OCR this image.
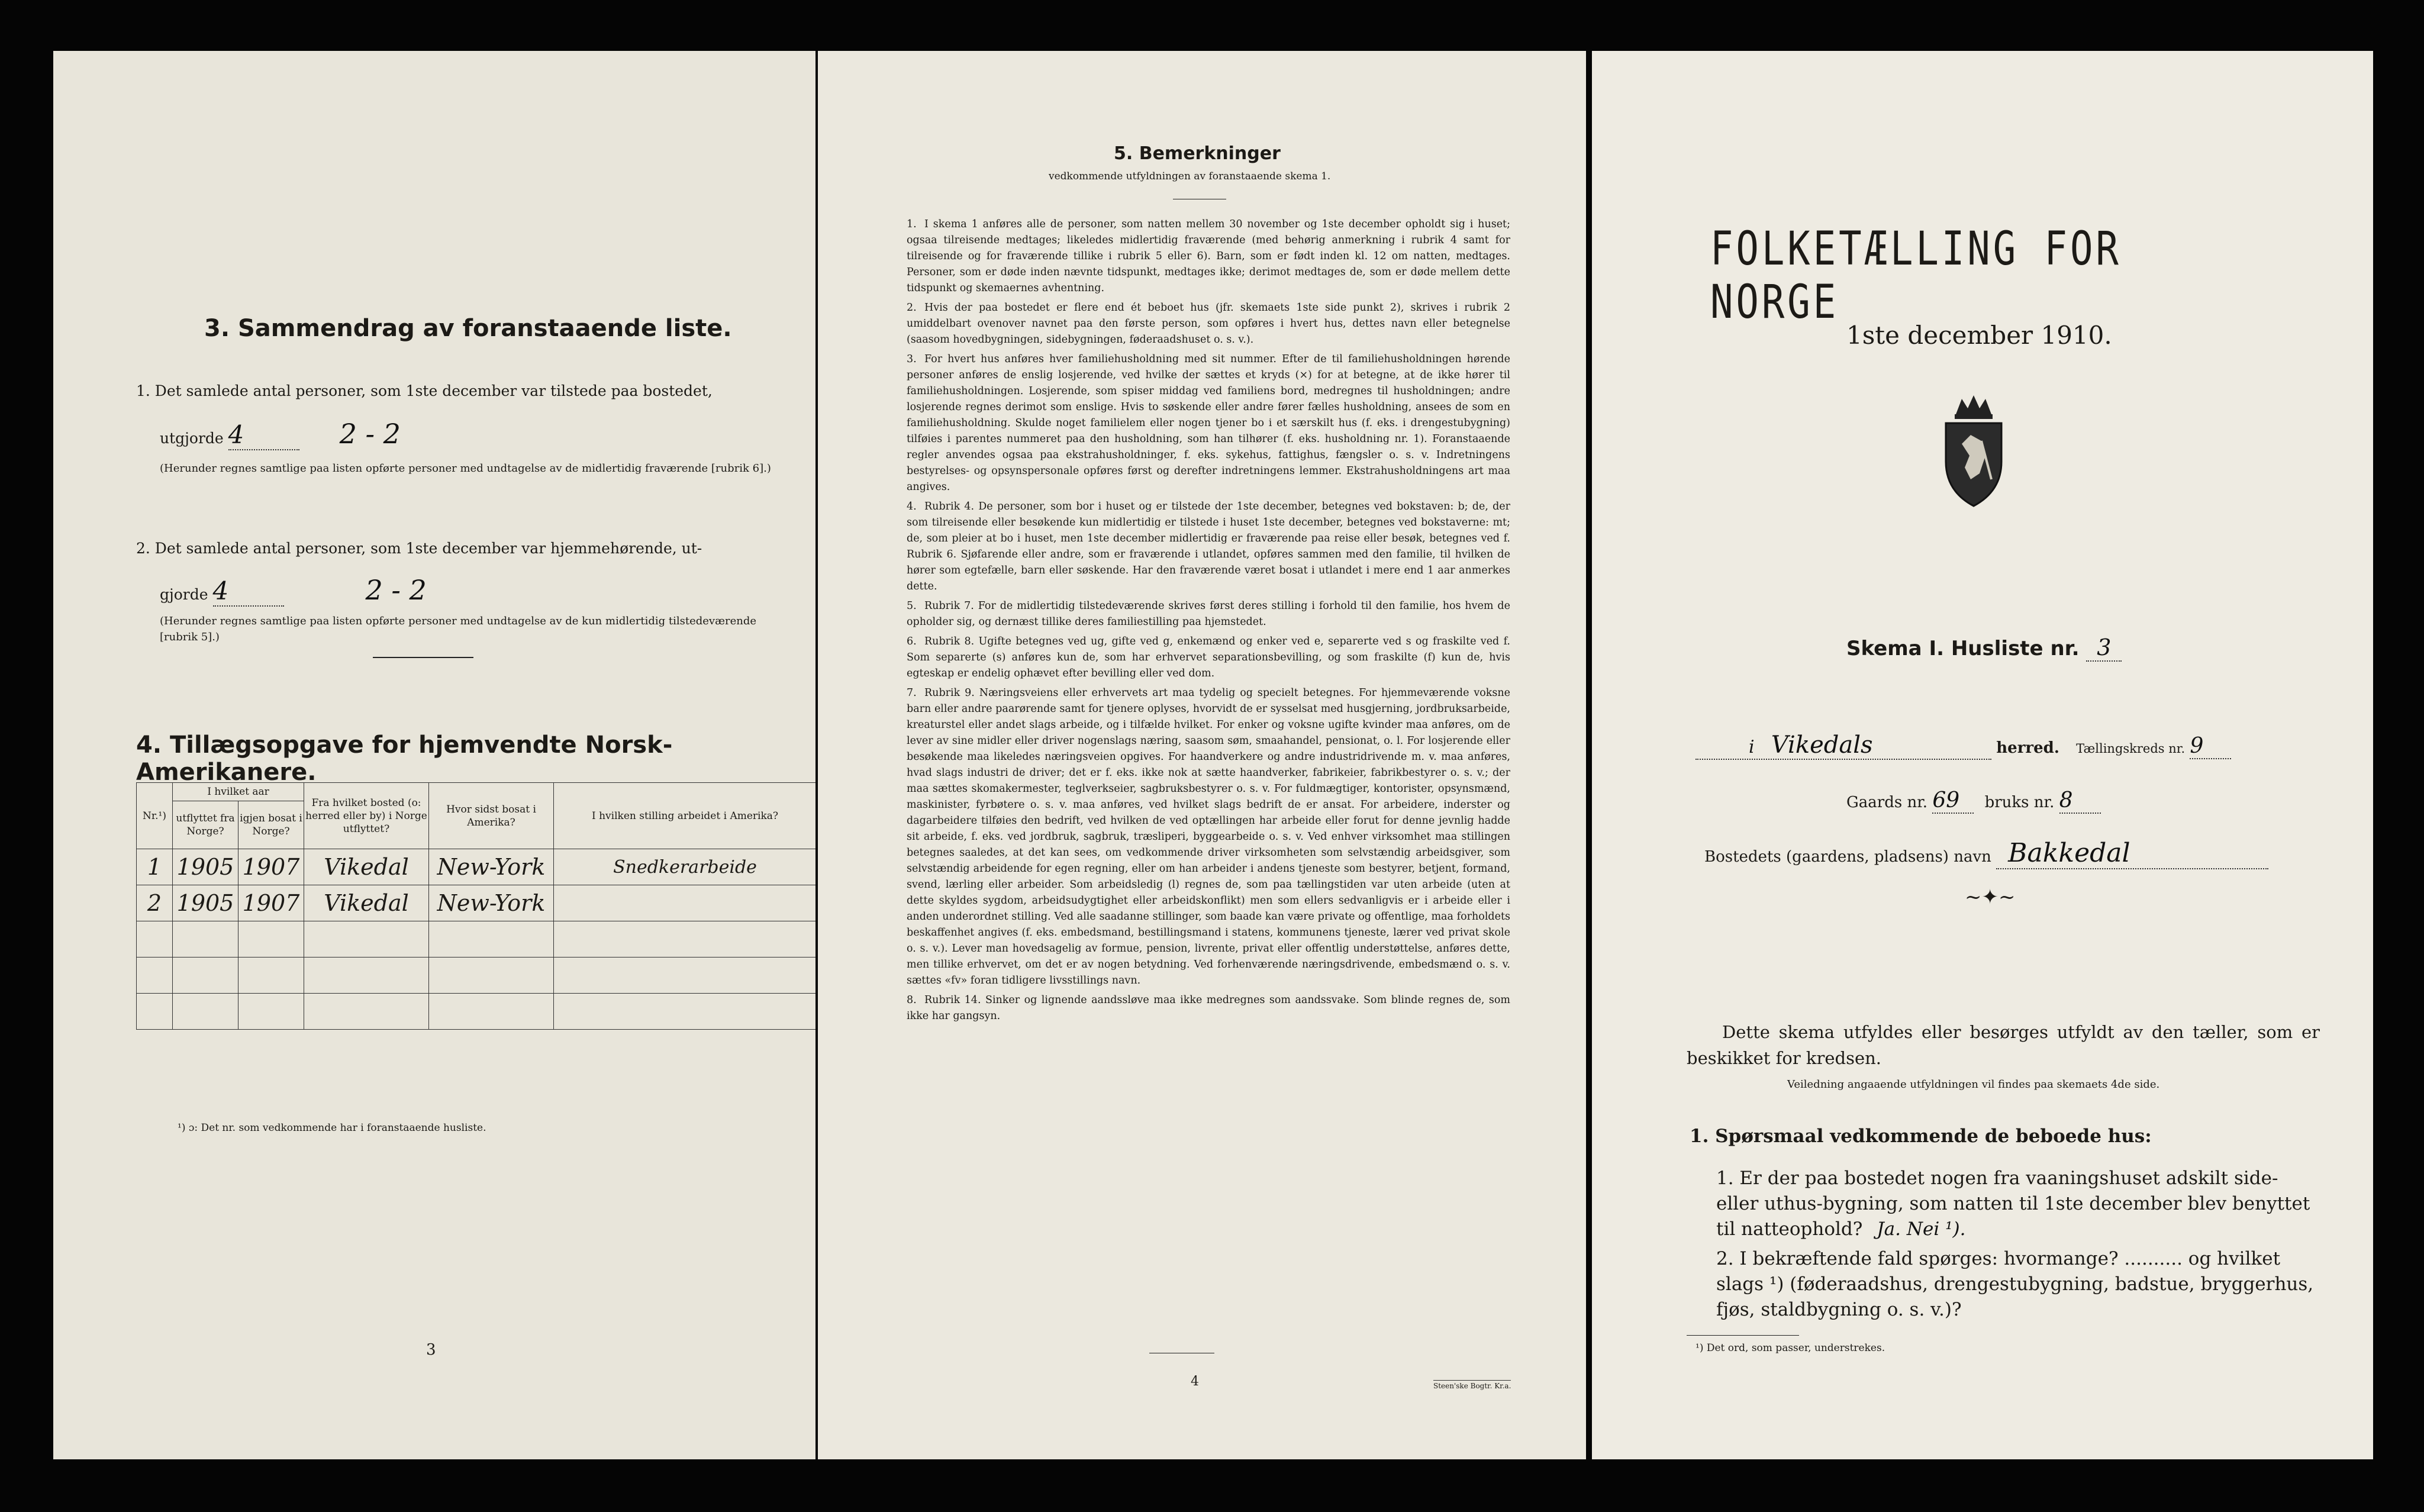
3. Sammendrag av foranstaaende liste.
1. Det samlede antal personer, som 1ste december var tilstede paa bostedet,
utgjorde 4	2 - 2
(Herunder regnes samtlige paa listen opførte personer med undtagelse av de midlertidig fraværende [rubrik 6].)
2. Det samlede antal personer, som 1ste december var hjemmehørende, ut-
gjorde 4	2 - 2
(Herunder regnes samtlige paa listen opførte personer med undtagelse av de kun midlertidig tilstedeværende [rubrik 5].)
4. Tillægsopgave for hjemvendte Norsk-Amerikanere.
Nr.¹)	I hvilket aar		Fra hvilket bosted (o: herred eller by) i Norge utflyttet?	Hvor sidst bosat i Amerika?	I hvilken stilling arbeidet i Amerika?
	utflyttet fra Norge?	igjen bosat i Norge?			
1	1905	1907	Vikedal	New-York	Snedkerarbeide
2	1905	1907	Vikedal	New-York	

¹) ɔ: Det nr. som vedkommende har i foranstaaende husliste.
3
5. Bemerkninger
vedkommende utfyldningen av foranstaaende skema 1.

1. I skema 1 anføres alle de personer, som natten mellem 30 november og 1ste december opholdt sig i huset; ogsaa tilreisende medtages; likeledes midlertidig fraværende (med behørig anmerkning i rubrik 4 samt for tilreisende og for fraværende tillike i rubrik 5 eller 6). Barn, som er født inden kl. 12 om natten, medtages. Personer, som er døde inden nævnte tidspunkt, medtages ikke; derimot medtages de, som er døde mellem dette tidspunkt og skemaernes avhentning.

2. Hvis der paa bostedet er flere end ét beboet hus (jfr. skemaets 1ste side punkt 2), skrives i rubrik 2 umiddelbart ovenover navnet paa den første person, som opføres i hvert hus, dettes navn eller betegnelse (saasom hovedbygningen, sidebygningen, føderaadshuset o. s. v.).

3. For hvert hus anføres hver familiehusholdning med sit nummer. Efter de til familiehusholdningen hørende personer anføres de enslig losjerende, ved hvilke der sættes et kryds (×) for at betegne, at de ikke hører til familiehusholdningen. Losjerende, som spiser middag ved familiens bord, medregnes til husholdningen; andre losjerende regnes derimot som enslige. Hvis to søskende eller andre fører fælles husholdning, ansees de som en familiehusholdning. Skulde noget familielem eller nogen tjener bo i et særskilt hus (f. eks. i drengestubygning) tilføies i parentes nummeret paa den husholdning, som han tilhører (f. eks. husholdning nr. 1). Foranstaaende regler anvendes ogsaa paa ekstrahusholdninger, f. eks. sykehus, fattighus, fængsler o. s. v. Indretningens bestyrelses- og opsynspersonale opføres først og derefter indretningens lemmer. Ekstrahusholdningens art maa angives.

4. Rubrik 4. De personer, som bor i huset og er tilstede der 1ste december, betegnes ved bokstaven: b; de, der som tilreisende eller besøkende kun midlertidig er tilstede i huset 1ste december, betegnes ved bokstaverne: mt; de, som pleier at bo i huset, men 1ste december midlertidig er fraværende paa reise eller besøk, betegnes ved f. Rubrik 6. Sjøfarende eller andre, som er fraværende i utlandet, opføres sammen med den familie, til hvilken de hører som egtefælle, barn eller søskende. Har den fraværende været bosat i utlandet i mere end 1 aar anmerkes dette.

5. Rubrik 7. For de midlertidig tilstedeværende skrives først deres stilling i forhold til den familie, hos hvem de opholder sig, og dernæst tillike deres familiestilling paa hjemstedet.

6. Rubrik 8. Ugifte betegnes ved ug, gifte ved g, enkemænd og enker ved e, separerte ved s og fraskilte ved f. Som separerte (s) anføres kun de, som har erhvervet separationsbevilling, og som fraskilte (f) kun de, hvis egteskap er endelig ophævet efter bevilling eller ved dom.

7. Rubrik 9. Næringsveiens eller erhvervets art maa tydelig og specielt betegnes. For hjemmeværende voksne barn eller andre paarørende samt for tjenere oplyses, hvorvidt de er sysselsat med husgjerning, jordbruksarbeide, kreaturstel eller andet slags arbeide, og i tilfælde hvilket. For enker og voksne ugifte kvinder maa anføres, om de lever av sine midler eller driver nogenslags næring, saasom søm, smaahandel, pensionat, o. l. For losjerende eller besøkende maa likeledes næringsveien opgives. For haandverkere og andre industridrivende m. v. maa anføres, hvad slags industri de driver; det er f. eks. ikke nok at sætte haandverker, fabrikeier, fabrikbestyrer o. s. v.; der maa sættes skomakermester, teglverkseier, sagbruksbestyrer o. s. v. For fuldmægtiger, kontorister, opsynsmænd, maskinister, fyrbøtere o. s. v. maa anføres, ved hvilket slags bedrift de er ansat. For arbeidere, inderster og dagarbeidere tilføies den bedrift, ved hvilken de ved optællingen har arbeide eller forut for denne jevnlig hadde sit arbeide, f. eks. ved jordbruk, sagbruk, træsliperi, byggearbeide o. s. v. Ved enhver virksomhet maa stillingen betegnes saaledes, at det kan sees, om vedkommende driver virksomheten som selvstændig arbeidsgiver, som selvstændig arbeidende for egen regning, eller om han arbeider i andens tjeneste som bestyrer, betjent, formand, svend, lærling eller arbeider. Som arbeidsledig (l) regnes de, som paa tællingstiden var uten arbeide (uten at dette skyldes sygdom, arbeidsudygtighet eller arbeidskonflikt) men som ellers sedvanligvis er i arbeide eller i anden underordnet stilling. Ved alle saadanne stillinger, som baade kan være private og offentlige, maa forholdets beskaffenhet angives (f. eks. embedsmand, bestillingsmand i statens, kommunens tjeneste, lærer ved privat skole o. s. v.). Lever man hovedsagelig av formue, pension, livrente, privat eller offentlig understøttelse, anføres dette, men tillike erhvervet, om det er av nogen betydning. Ved forhenværende næringsdrivende, embedsmænd o. s. v. sættes «fv» foran tidligere livsstillings navn.

8. Rubrik 14. Sinker og lignende aandssløve maa ikke medregnes som aandssvake. Som blinde regnes de, som ikke har gangsyn.

4	Steen'ske Bogtr. Kr.a.
FOLKETÆLLING FOR NORGE
1ste december 1910.
Skema I. Husliste nr. 3
i Vikedals	herred. Tællingskreds nr. 9
Gaards nr. 69 bruks nr. 8
Bostedets (gaardens, pladsens) navn Bakkedal
~✦~
Dette skema utfyldes eller besørges utfyldt av den tæller, som er beskikket for kredsen.
Veiledning angaaende utfyldningen vil findes paa skemaets 4de side.
1. Spørsmaal vedkommende de beboede hus:
1. Er der paa bostedet nogen fra vaaningshuset adskilt side- eller uthus-bygning, som natten til 1ste december blev benyttet til natteophold? Ja. Nei ¹).
2. I bekræftende fald spørges: hvormange? .......... og hvilket slags ¹) (føderaadshus, drengestubygning, badstue, bryggerhus, fjøs, staldbygning o. s. v.)?
¹) Det ord, som passer, understrekes.
